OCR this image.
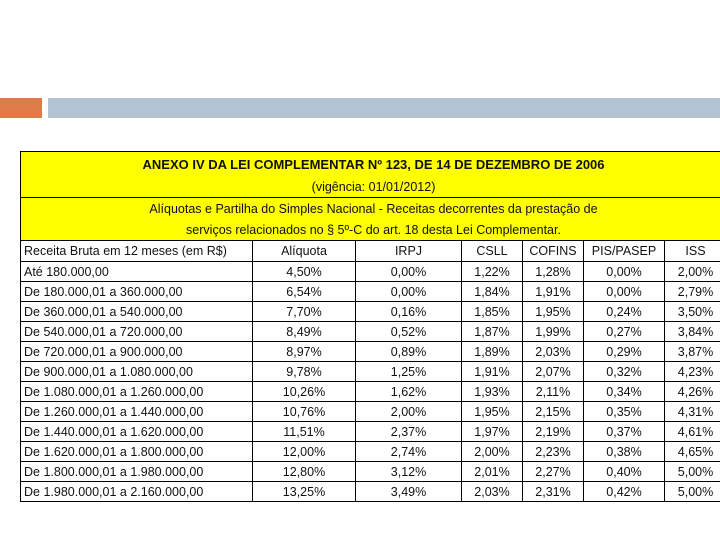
ANEXO IV DA LEI COMPLEMENTAR Nº 123, DE 14 DE DEZEMBRO DE 2006						
(vigência: 01/01/2012)						
Alíquotas e Partilha do Simples Nacional - Receitas decorrentes da prestação de						
serviços relacionados no § 5º-C do art. 18 desta Lei Complementar.						
Receita Bruta em 12 meses (em R$)	Alíquota	IRPJ	CSLL	COFINS	PIS/PASEP	ISS
Até 180.000,00	4,50%	0,00%	1,22%	1,28%	0,00%	2,00%
De 180.000,01 a 360.000,00	6,54%	0,00%	1,84%	1,91%	0,00%	2,79%
De 360.000,01 a 540.000,00	7,70%	0,16%	1,85%	1,95%	0,24%	3,50%
De 540.000,01 a 720.000,00	8,49%	0,52%	1,87%	1,99%	0,27%	3,84%
De 720.000,01 a 900.000,00	8,97%	0,89%	1,89%	2,03%	0,29%	3,87%
De 900.000,01 a 1.080.000,00	9,78%	1,25%	1,91%	2,07%	0,32%	4,23%
De 1.080.000,01 a 1.260.000,00	10,26%	1,62%	1,93%	2,11%	0,34%	4,26%
De 1.260.000,01 a 1.440.000,00	10,76%	2,00%	1,95%	2,15%	0,35%	4,31%
De 1.440.000,01 a 1.620.000,00	11,51%	2,37%	1,97%	2,19%	0,37%	4,61%
De 1.620.000,01 a 1.800.000,00	12,00%	2,74%	2,00%	2,23%	0,38%	4,65%
De 1.800.000,01 a 1.980.000,00	12,80%	3,12%	2,01%	2,27%	0,40%	5,00%
De 1.980.000,01 a 2.160.000,00	13,25%	3,49%	2,03%	2,31%	0,42%	5,00%
